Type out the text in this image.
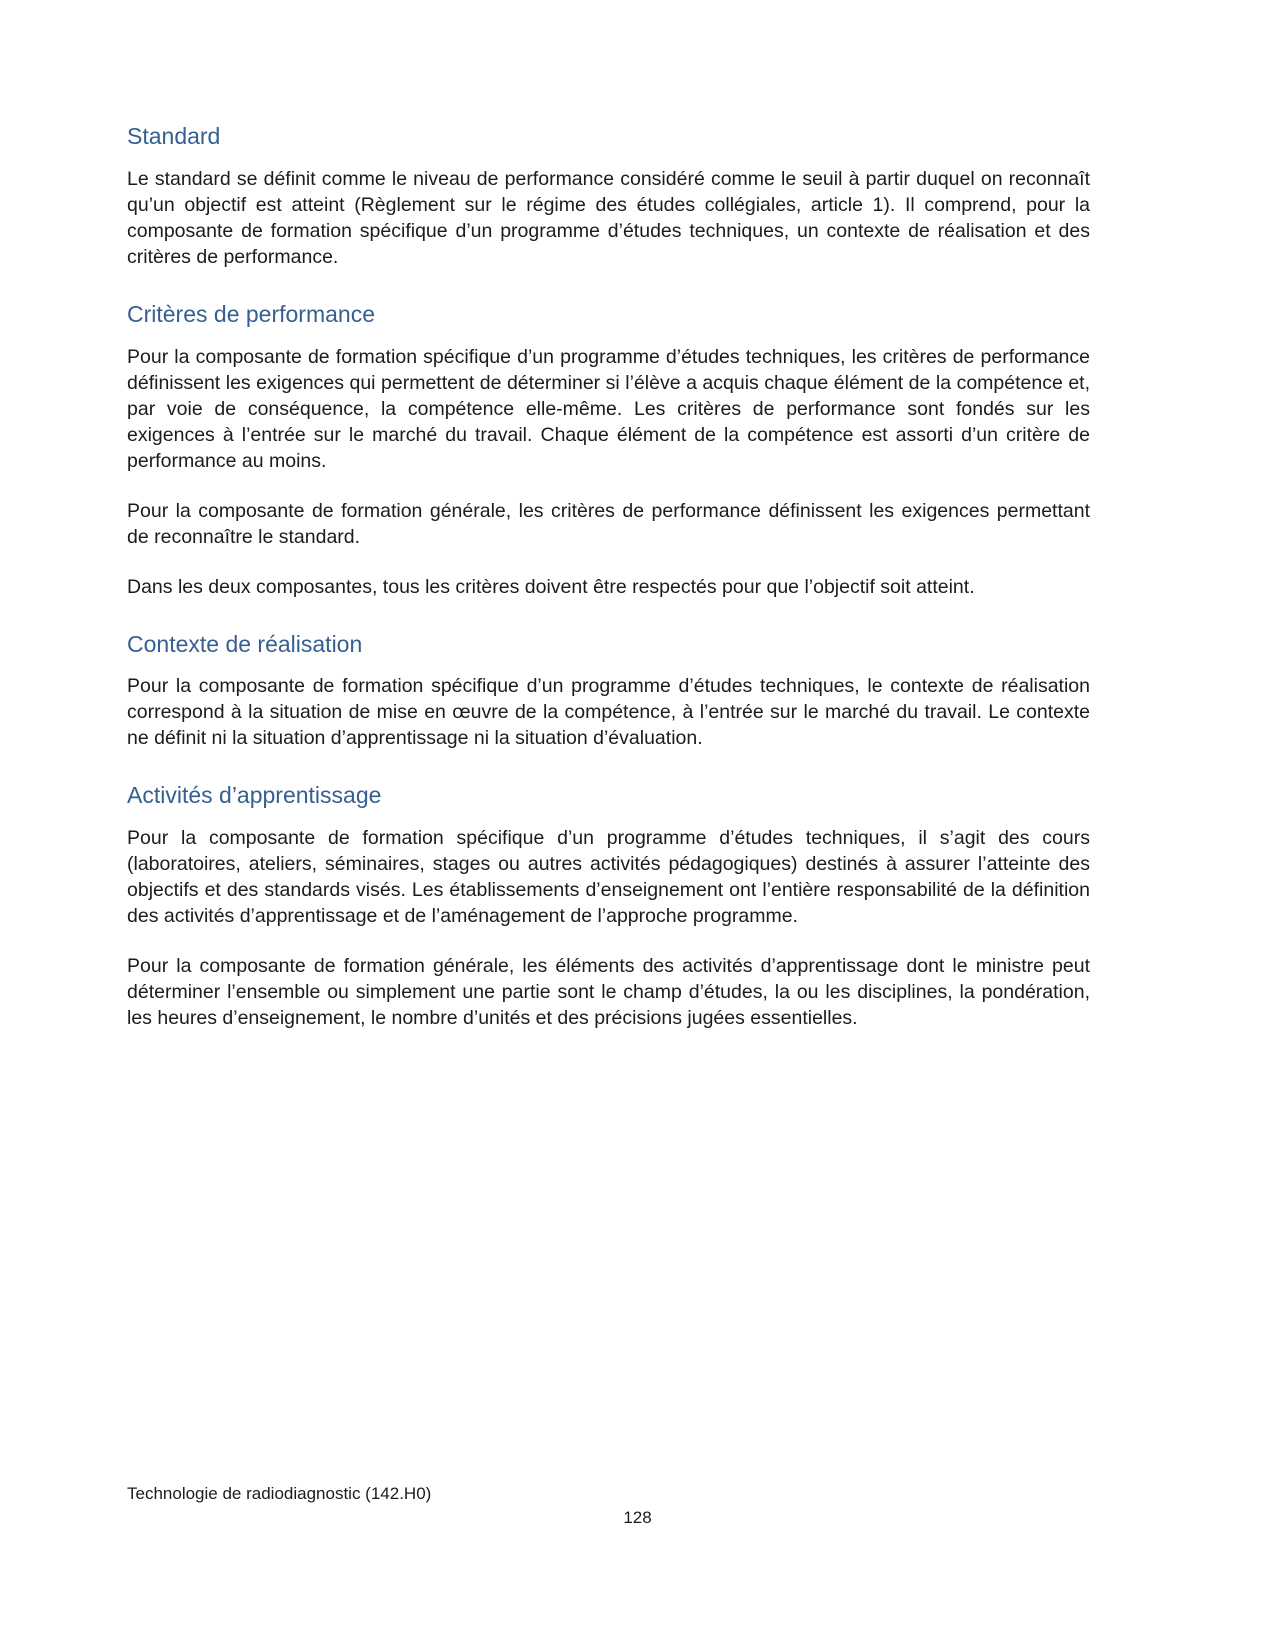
Standard

Le standard se définit comme le niveau de performance considéré comme le seuil à partir duquel on reconnaît qu’un objectif est atteint (Règlement sur le régime des études collégiales, article 1). Il comprend, pour la composante de formation spécifique d’un programme d’études techniques, un contexte de réalisation et des critères de performance.

Critères de performance

Pour la composante de formation spécifique d’un programme d’études techniques, les critères de performance définissent les exigences qui permettent de déterminer si l’élève a acquis chaque élément de la compétence et, par voie de conséquence, la compétence elle-même. Les critères de performance sont fondés sur les exigences à l’entrée sur le marché du travail. Chaque élément de la compétence est assorti d’un critère de performance au moins.

Pour la composante de formation générale, les critères de performance définissent les exigences permettant de reconnaître le standard.

Dans les deux composantes, tous les critères doivent être respectés pour que l’objectif soit atteint.

Contexte de réalisation

Pour la composante de formation spécifique d’un programme d’études techniques, le contexte de réalisation correspond à la situation de mise en œuvre de la compétence, à l’entrée sur le marché du travail. Le contexte ne définit ni la situation d’apprentissage ni la situation d’évaluation.

Activités d’apprentissage

Pour la composante de formation spécifique d’un programme d’études techniques, il s’agit des cours (laboratoires, ateliers, séminaires, stages ou autres activités pédagogiques) destinés à assurer l’atteinte des objectifs et des standards visés. Les établissements d’enseignement ont l’entière responsabilité de la définition des activités d’apprentissage et de l’aménagement de l’approche programme.

Pour la composante de formation générale, les éléments des activités d’apprentissage dont le ministre peut déterminer l’ensemble ou simplement une partie sont le champ d’études, la ou les disciplines, la pondération, les heures d’enseignement, le nombre d’unités et des précisions jugées essentielles.

Technologie de radiodiagnostic (142.H0)
128
